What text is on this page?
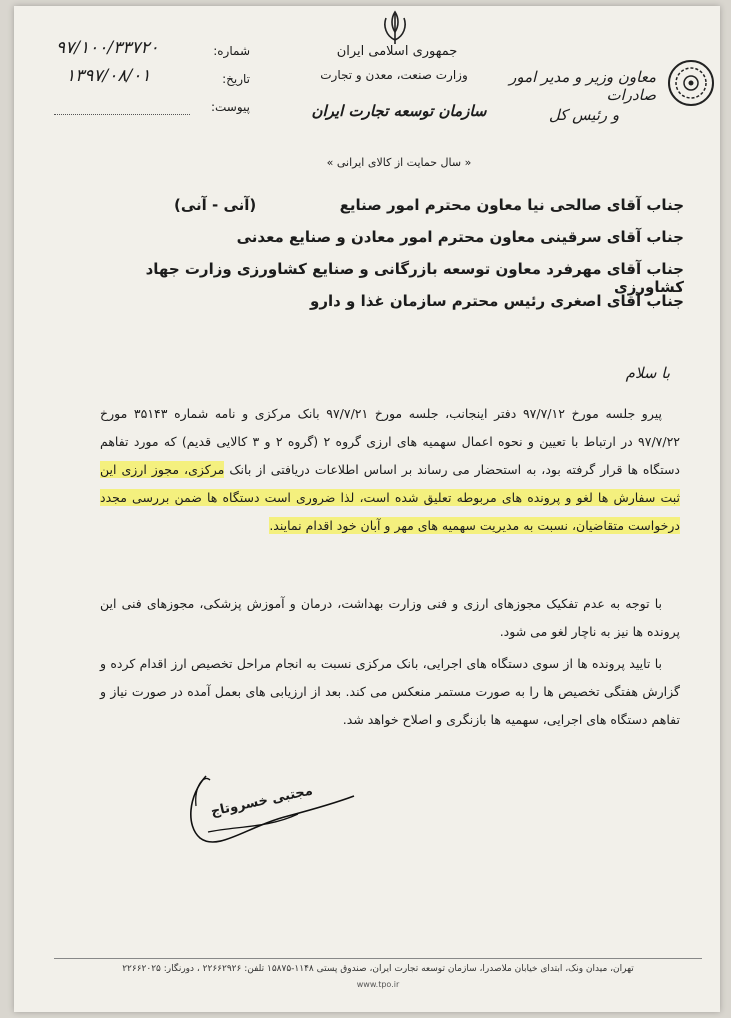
جمهوری اسلامی ایران
وزارت صنعت، معدن و تجارت
سازمان توسعه تجارت ایران
معاون وزیر و مدیر امور صادرات
و رئیس کل
شماره:
۹۷/۱۰۰/۳۳۷۲۰
تاریخ:
۱۳۹۷/۰۸/۰۱
پیوست:
« سال حمایت از کالای ایرانی »
جناب آقای صالحی نیا معاون محترم امور صنایع
جناب آقای سرقینی معاون محترم امور معادن و صنایع معدنی
جناب آقای مهرفرد معاون توسعه بازرگانی و صنایع کشاورزی وزارت جهاد کشاورزی
جناب آقای اصغری رئیس محترم سازمان غذا و دارو
(آنی - آنی)
با سلام
پیرو جلسه مورخ ۹۷/۷/۱۲ دفتر اینجانب، جلسه مورخ ۹۷/۷/۲۱ بانک مرکزی و نامه شماره ۳۵۱۴۳ مورخ ۹۷/۷/۲۲ در ارتباط با تعیین و نحوه اعمال سهمیه های ارزی گروه ۲ (گروه ۲ و ۳ کالایی قدیم) که مورد تفاهم دستگاه ها قرار گرفته بود، به استحضار می رساند بر اساس اطلاعات دریافتی از بانک مرکزی، مجوز ارزی این ثبت سفارش ها لغو و پرونده های مربوطه تعلیق شده است، لذا ضروری است دستگاه ها ضمن بررسی مجدد درخواست متقاضیان، نسبت به مدیریت سهمیه های مهر و آبان خود اقدام نمایند.
با توجه به عدم تفکیک مجوزهای ارزی و فنی وزارت بهداشت، درمان و آموزش پزشکی، مجوزهای فنی این پرونده ها نیز به ناچار لغو می شود.
با تایید پرونده ها از سوی دستگاه های اجرایی، بانک مرکزی نسبت به انجام مراحل تخصیص ارز اقدام کرده و گزارش هفتگی تخصیص ها را به صورت مستمر منعکس می کند. بعد از ارزیابی های بعمل آمده در صورت نیاز و تفاهم دستگاه های اجرایی، سهمیه ها بازنگری و اصلاح خواهد شد.
مجتبی خسروتاج
تهران، میدان ونک، ابتدای خیابان ملاصدرا، سازمان توسعه تجارت ایران، صندوق پستی ۱۱۴۸-۱۵۸۷۵ تلفن: ۲۲۶۶۲۹۲۶ ، دورنگار: ۲۲۶۶۲۰۲۵
www.tpo.ir
